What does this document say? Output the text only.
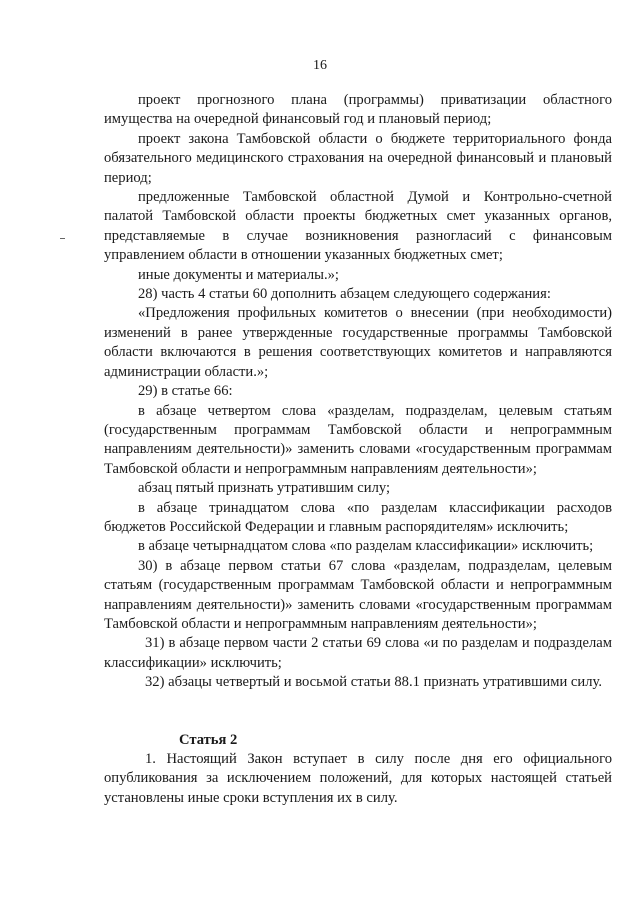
16

проект прогнозного плана (программы) приватизации областного имущества на очередной финансовый год и плановый период;

проект закона Тамбовской области о бюджете территориального фонда обязательного медицинского страхования на очередной финансовый и плановый период;

предложенные Тамбовской областной Думой и Контрольно-счетной палатой Тамбовской области проекты бюджетных смет указанных органов, представляемые в случае возникновения разногласий с финансовым управлением области в отношении указанных бюджетных смет;

иные документы и материалы.»;

28) часть 4 статьи 60 дополнить абзацем следующего содержания:

«Предложения профильных комитетов о внесении (при необходимости) изменений в ранее утвержденные государственные программы Тамбовской области включаются в решения соответствующих комитетов и направляются администрации области.»;

29) в статье 66:

в абзаце четвертом слова «разделам, подразделам, целевым статьям (государственным программам Тамбовской области и непрограммным направлениям деятельности)» заменить словами «государственным программам Тамбовской области и непрограммным направлениям деятельности»;

абзац пятый признать утратившим силу;

в абзаце тринадцатом слова «по разделам классификации расходов бюджетов Российской Федерации и главным распорядителям» исключить;

в абзаце четырнадцатом слова «по разделам классификации» исключить;

30) в абзаце первом статьи 67 слова «разделам, подразделам, целевым статьям (государственным программам Тамбовской области и непрограммным направлениям деятельности)» заменить словами «государственным программам Тамбовской области и непрограммным направлениям деятельности»;

31) в абзаце первом части 2 статьи 69 слова «и по разделам и подразделам классификации» исключить;

32) абзацы четвертый и восьмой статьи 88.1 признать утратившими силу.

Статья 2

1. Настоящий Закон вступает в силу после дня его официального опубликования за исключением положений, для которых настоящей статьей установлены иные сроки вступления их в силу.
